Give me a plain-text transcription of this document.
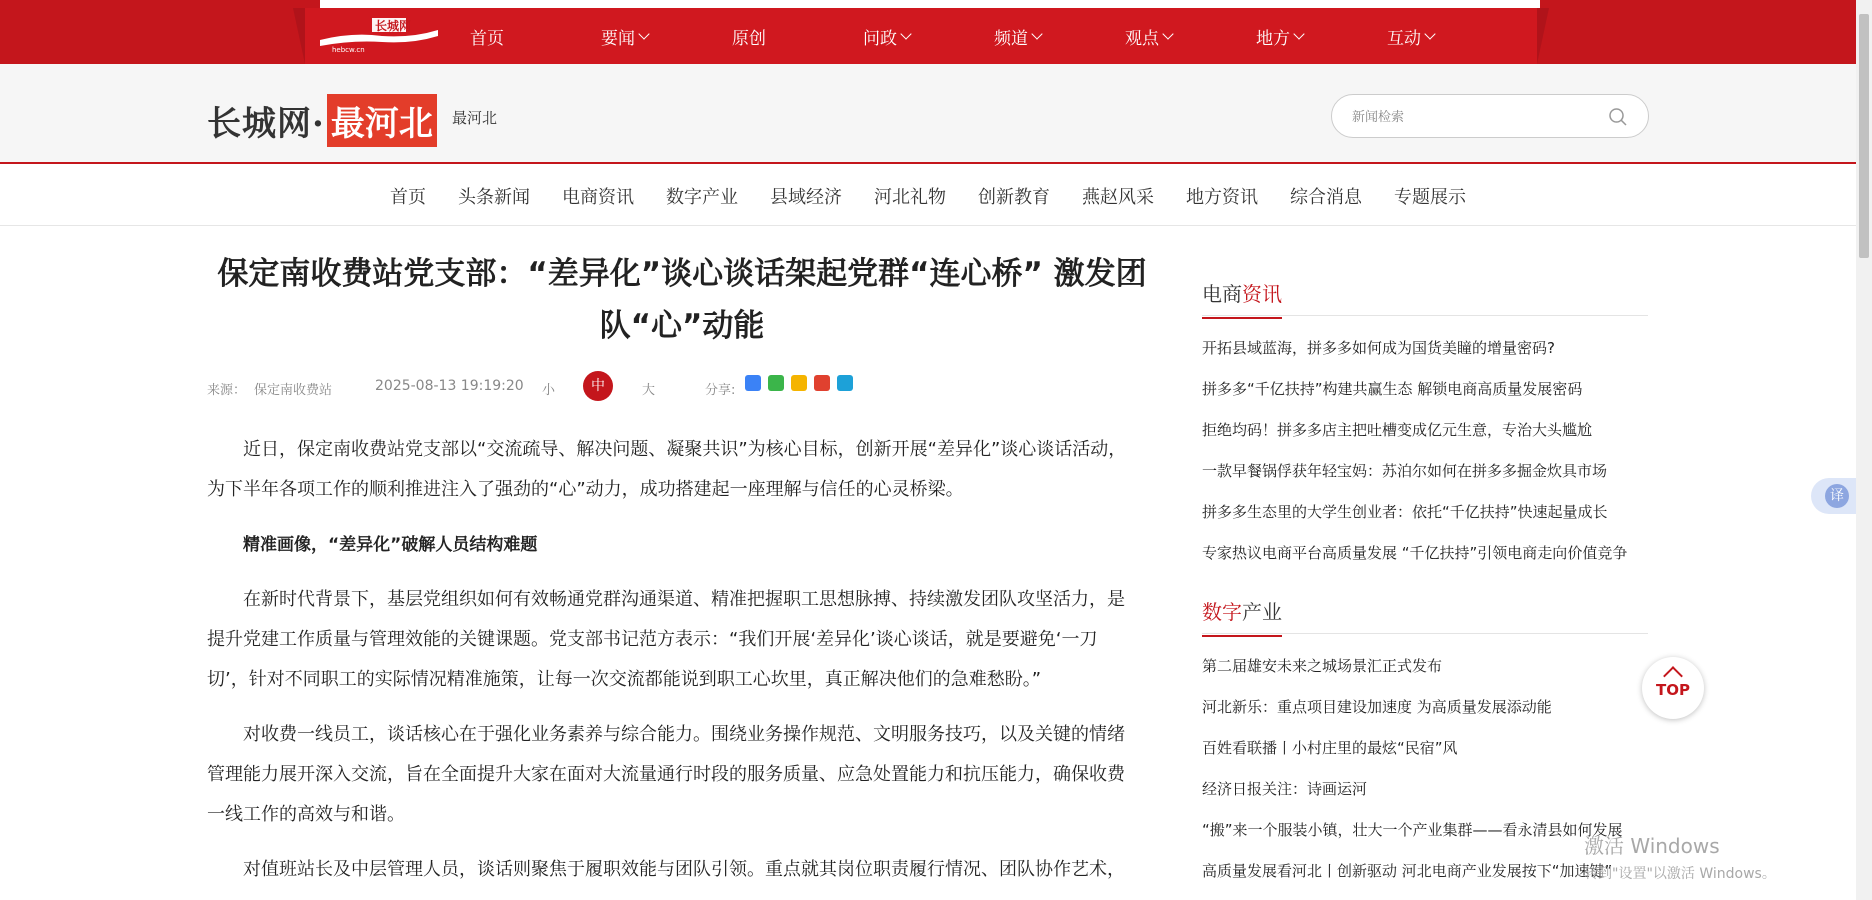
长城网
hebcw.cn
首页	要闻	原创	问政	频道	观点	地方	互动
长城网· 最河北 最河北
新闻检索
首页 头条新闻 电商资讯 数字产业 县域经济 河北礼物 创新教育 燕赵风采 地方资讯 综合消息 专题展示
保定南收费站党支部：“差异化”谈心谈话架起党群“连心桥” 激发团队“心”动能
来源： 保定南收费站	2025-08-13 19:19:20 小	中	大	分享:

近日，保定南收费站党支部以“交流疏导、解决问题、凝聚共识”为核心目标，创新开展“差异化”谈心谈话活动，为下半年各项工作的顺利推进注入了强劲的“心”动力，成功搭建起一座理解与信任的心灵桥梁。

精准画像，“差异化”破解人员结构难题

在新时代背景下，基层党组织如何有效畅通党群沟通渠道、精准把握职工思想脉搏、持续激发团队攻坚活力，是提升党建工作质量与管理效能的关键课题。党支部书记范方表示：“我们开展‘差异化’谈心谈话，就是要避免‘一刀切’，针对不同职工的实际情况精准施策，让每一次交流都能说到职工心坎里，真正解决他们的急难愁盼。”

对收费一线员工，谈话核心在于强化业务素养与综合能力。围绕业务操作规范、文明服务技巧，以及关键的情绪管理能力展开深入交流，旨在全面提升大家在面对大流量通行时段的服务质量、应急处置能力和抗压能力，确保收费一线工作的高效与和谐。

对值班站长及中层管理人员，谈话则聚焦于履职效能与团队引领。重点就其岗位职责履行情况、团队协作艺术，

电商资讯
开拓县域蓝海，拼多多如何成为国货美瞳的增量密码?
拼多多“千亿扶持”构建共赢生态 解锁电商高质量发展密码
拒绝均码！拼多多店主把吐槽变成亿元生意，专治大头尴尬
一款早餐锅俘获年轻宝妈：苏泊尔如何在拼多多掘金炊具市场
拼多多生态里的大学生创业者：依托“千亿扶持”快速起量成长
专家热议电商平台高质量发展 “千亿扶持”引领电商走向价值竞争
数字产业
第二届雄安未来之城场景汇正式发布
河北新乐：重点项目建设加速度 为高质量发展添动能
百姓看联播丨小村庄里的最炫“民宿”风
经济日报关注：诗画运河
“搬”来一个服装小镇，壮大一个产业集群——看永清县如何发展
高质量发展看河北丨创新驱动 河北电商产业发展按下“加速键”
译
TOP
激活 Windows
转到"设置"以激活 Windows。
